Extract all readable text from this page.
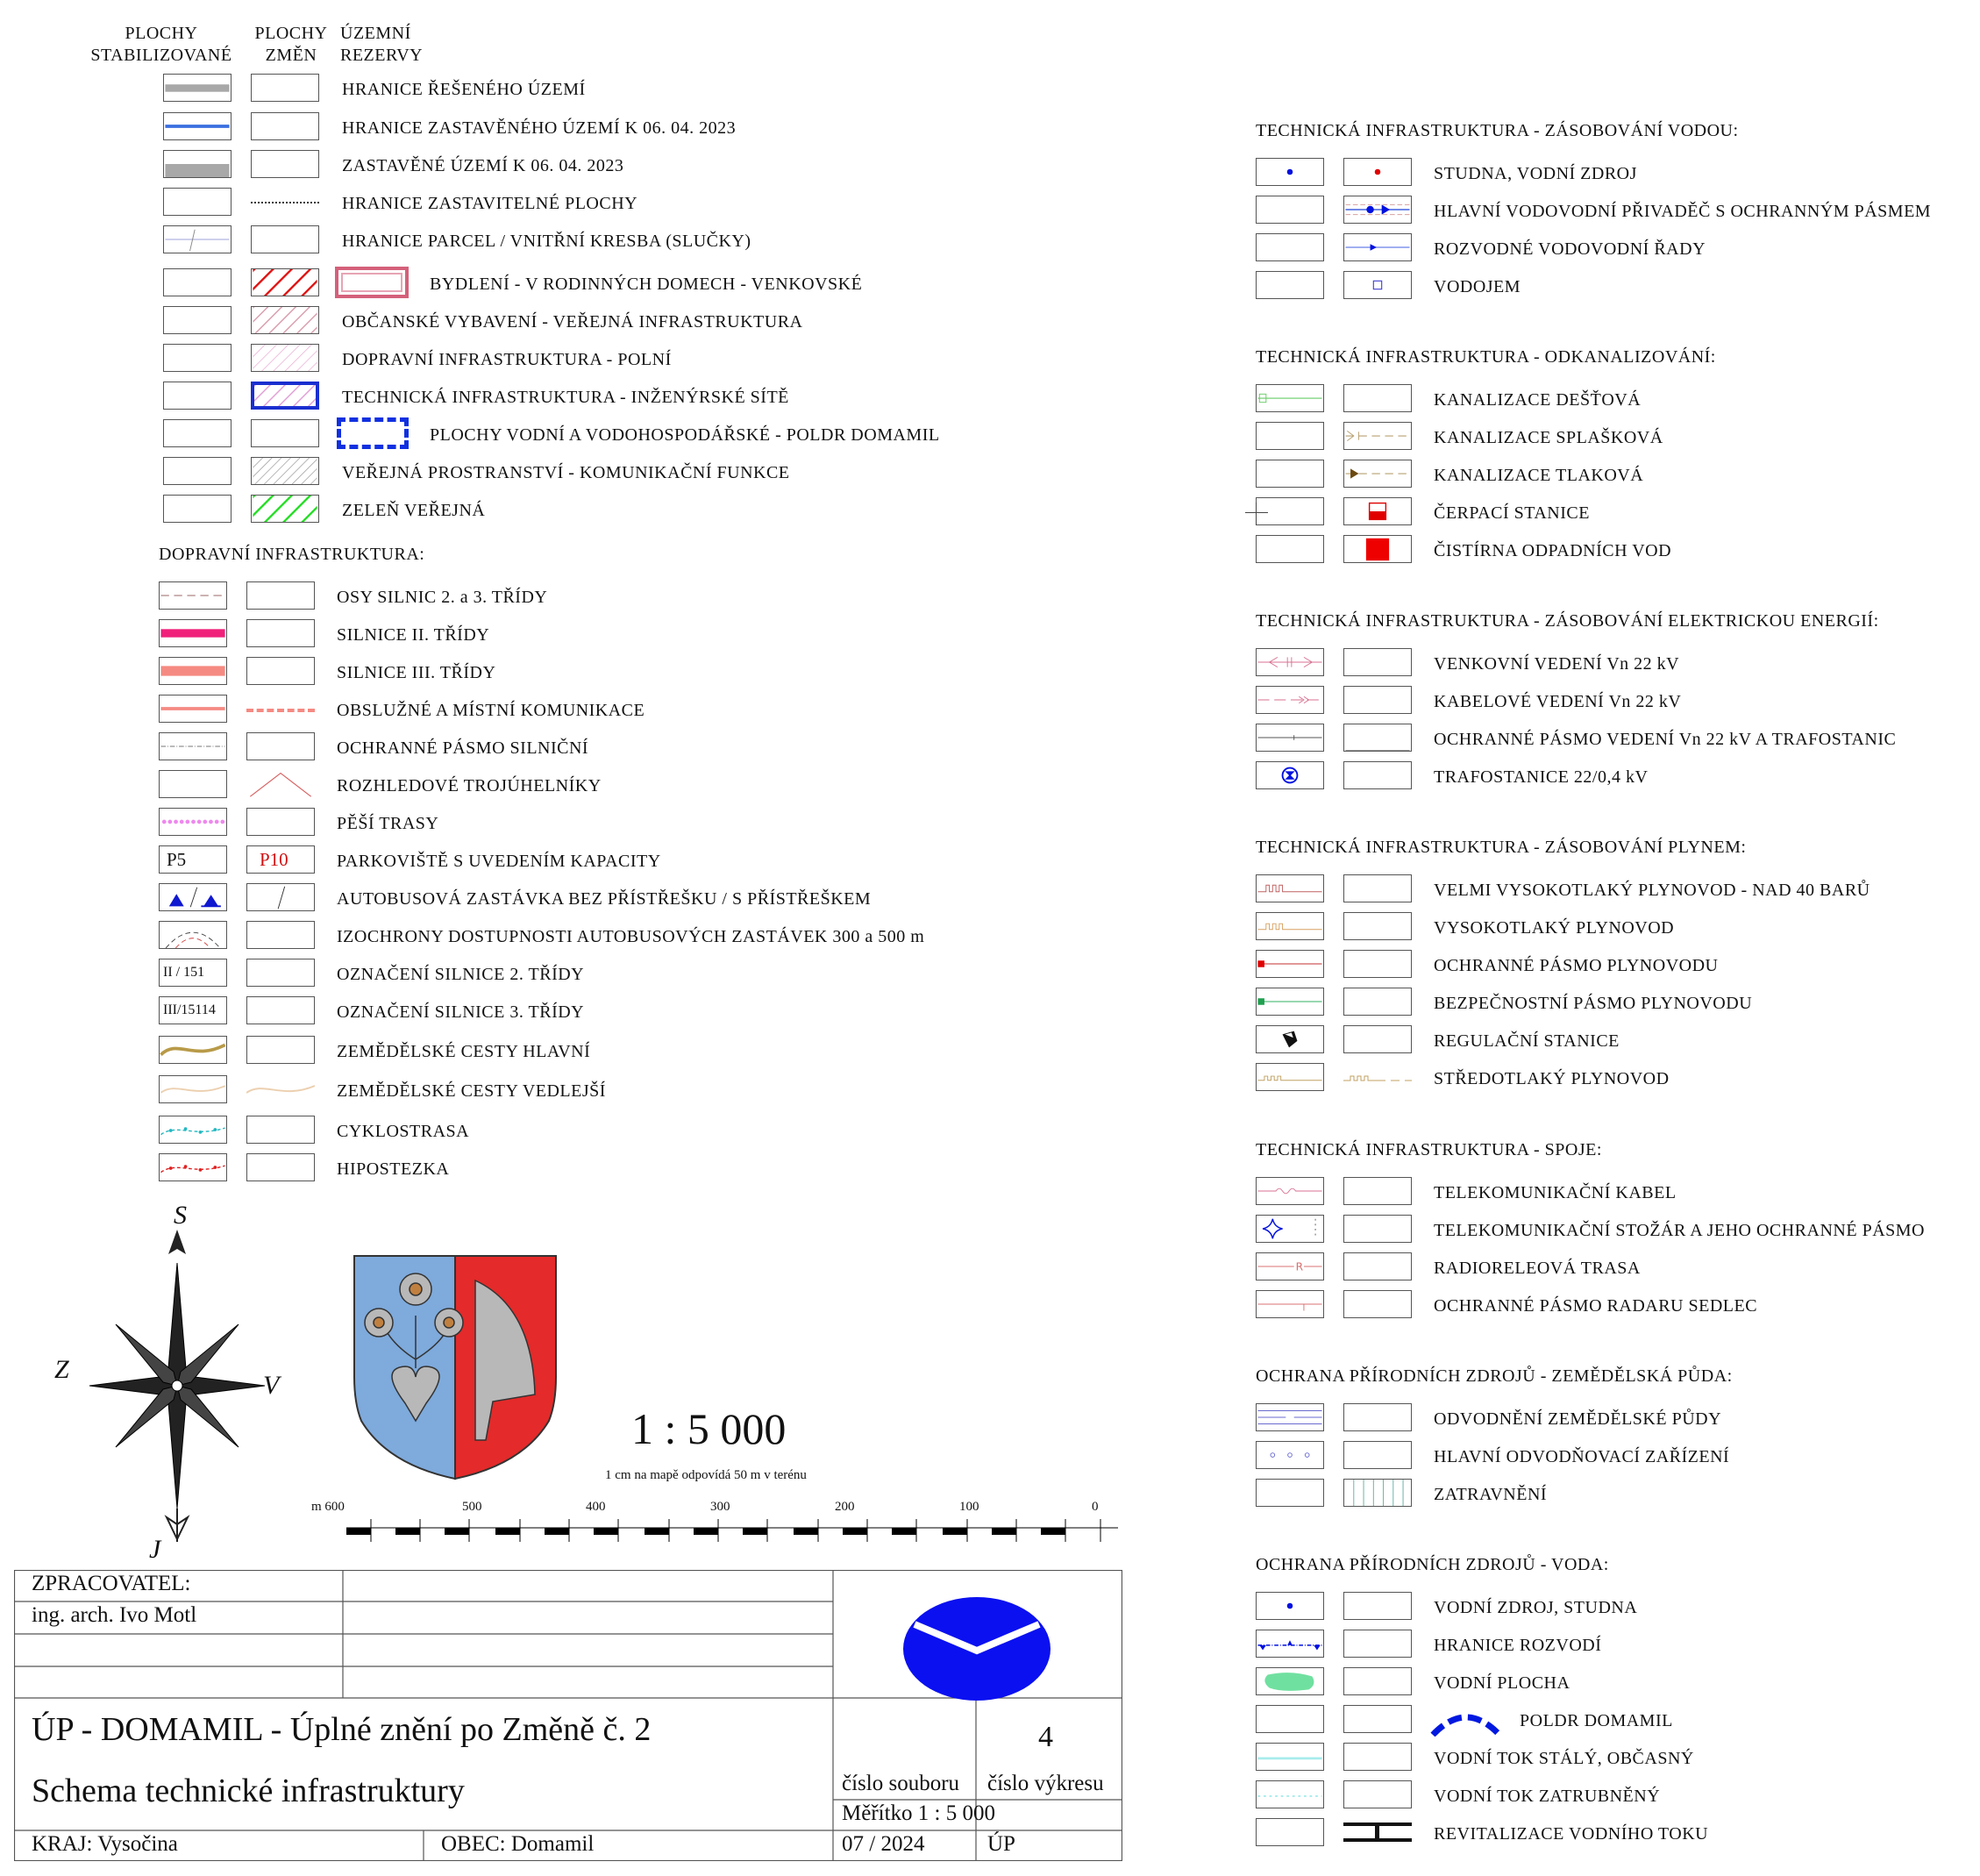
PLOCHY STABILIZOVANÉ
PLOCHY ZMĚN
ÚZEMNÍ REZERVY
HRANICE ŘEŠENÉHO ÚZEMÍ
HRANICE ZASTAVĚNÉHO ÚZEMÍ K 06. 04. 2023
ZASTAVĚNÉ ÚZEMÍ K 06. 04. 2023
HRANICE ZASTAVITELNÉ PLOCHY
HRANICE PARCEL / VNITŘNÍ KRESBA (SLUČKY)
BYDLENÍ - V RODINNÝCH DOMECH - VENKOVSKÉ
OBČANSKÉ VYBAVENÍ - VEŘEJNÁ INFRASTRUKTURA
DOPRAVNÍ INFRASTRUKTURA - POLNÍ
TECHNICKÁ INFRASTRUKTURA - INŽENÝRSKÉ SÍTĚ
PLOCHY VODNÍ A VODOHOSPODÁŘSKÉ - POLDR DOMAMIL
VEŘEJNÁ PROSTRANSTVÍ - KOMUNIKAČNÍ FUNKCE
ZELEŇ VEŘEJNÁ
DOPRAVNÍ INFRASTRUKTURA:
OSY SILNIC 2. a 3. TŘÍDY
SILNICE II. TŘÍDY
SILNICE III. TŘÍDY
OBSLUŽNÉ A MÍSTNÍ KOMUNIKACE
OCHRANNÉ PÁSMO SILNIČNÍ
ROZHLEDOVÉ TROJÚHELNÍKY
PĚŠÍ TRASY
P5	P10	PARKOVIŠTĚ S UVEDENÍM KAPACITY
AUTOBUSOVÁ ZASTÁVKA BEZ PŘÍSTŘEŠKU / S PŘÍSTŘEŠKEM
IZOCHRONY DOSTUPNOSTI AUTOBUSOVÝCH ZASTÁVEK 300 a 500 m
II / 151	OZNAČENÍ SILNICE 2. TŘÍDY
III/15114	OZNAČENÍ SILNICE 3. TŘÍDY
ZEMĚDĚLSKÉ CESTY HLAVNÍ
ZEMĚDĚLSKÉ CESTY VEDLEJŠÍ
CYKLOSTRASA
HIPOSTEZKA
S
J
Z
V
1 : 5 000
1 cm na mapě odpovídá 50 m v terénu
m 600	500	400	300	200	100	0
ZPRACOVATEL:
ing. arch. Ivo Motl
ÚP - DOMAMIL - Úplné znění po Změně č. 2
Schema technické infrastruktury
4
číslo souboru číslo výkresu
Měřítko 1 : 5 000
KRAJ: Vysočina	OBEC: Domamil	07 / 2024	ÚP
TECHNICKÁ INFRASTRUKTURA - ZÁSOBOVÁNÍ VODOU:
STUDNA, VODNÍ ZDROJ
HLAVNÍ VODOVODNÍ PŘIVADĚČ S OCHRANNÝM PÁSMEM
ROZVODNÉ VODOVODNÍ ŘADY
VODOJEM
TECHNICKÁ INFRASTRUKTURA - ODKANALIZOVÁNÍ:
KANALIZACE DEŠŤOVÁ
KANALIZACE SPLAŠKOVÁ
KANALIZACE TLAKOVÁ
ČERPACÍ STANICE
ČISTÍRNA ODPADNÍCH VOD
TECHNICKÁ INFRASTRUKTURA - ZÁSOBOVÁNÍ ELEKTRICKOU ENERGIÍ:
VENKOVNÍ VEDENÍ Vn 22 kV
KABELOVÉ VEDENÍ Vn 22 kV
OCHRANNÉ PÁSMO VEDENÍ Vn 22 kV A TRAFOSTANIC
TRAFOSTANICE 22/0,4 kV
TECHNICKÁ INFRASTRUKTURA - ZÁSOBOVÁNÍ PLYNEM:
VELMI VYSOKOTLAKÝ PLYNOVOD - NAD 40 BARŮ
VYSOKOTLAKÝ PLYNOVOD
OCHRANNÉ PÁSMO PLYNOVODU
BEZPEČNOSTNÍ PÁSMO PLYNOVODU
REGULAČNÍ STANICE
STŘEDOTLAKÝ PLYNOVOD
TECHNICKÁ INFRASTRUKTURA - SPOJE:
TELEKOMUNIKAČNÍ KABEL
TELEKOMUNIKAČNÍ STOŽÁR A JEHO OCHRANNÉ PÁSMO
R	RADIORELEOVÁ TRASA
OCHRANNÉ PÁSMO RADARU SEDLEC
OCHRANA PŘÍRODNÍCH ZDROJŮ - ZEMĚDĚLSKÁ PŮDA:
ODVODNĚNÍ ZEMĚDĚLSKÉ PŮDY
HLAVNÍ ODVODŇOVACÍ ZAŘÍZENÍ
ZATRAVNĚNÍ
OCHRANA PŘÍRODNÍCH ZDROJŮ - VODA:
VODNÍ ZDROJ, STUDNA
HRANICE ROZVODÍ
VODNÍ PLOCHA
POLDR DOMAMIL
VODNÍ TOK STÁLÝ, OBČASNÝ
VODNÍ TOK ZATRUBNĚNÝ
REVITALIZACE VODNÍHO TOKU
